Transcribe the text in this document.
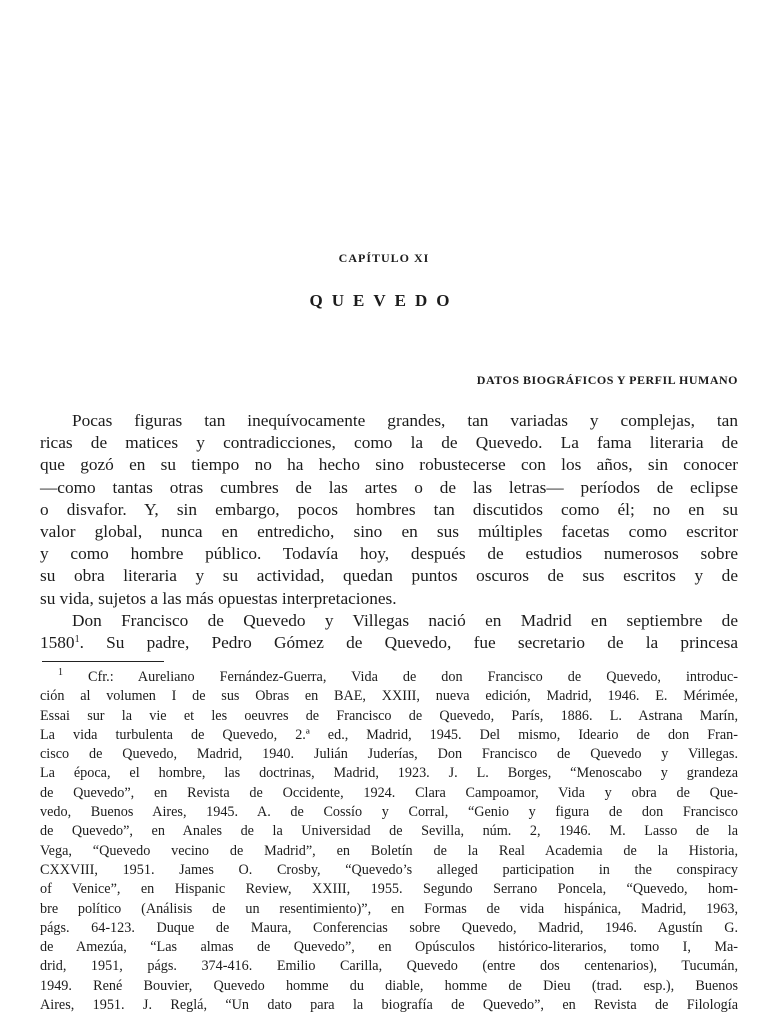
CAPÍTULO XI
QUEVEDO
DATOS BIOGRÁFICOS Y PERFIL HUMANO
Pocas figuras tan inequívocamente grandes, tan variadas y complejas, tan
ricas de matices y contradicciones, como la de Quevedo. La fama literaria de
que gozó en su tiempo no ha hecho sino robustecerse con los años, sin conocer
—como tantas otras cumbres de las artes o de las letras— períodos de eclipse
o disvafor. Y, sin embargo, pocos hombres tan discutidos como él; no en su
valor global, nunca en entredicho, sino en sus múltiples facetas como escritor
y como hombre público. Todavía hoy, después de estudios numerosos sobre
su obra literaria y su actividad, quedan puntos oscuros de sus escritos y de
su vida, sujetos a las más opuestas interpretaciones.
Don Francisco de Quevedo y Villegas nació en Madrid en septiembre de
1580$^1$. Su padre, Pedro Gómez de Quevedo, fue secretario de la princesa
$^1$ Cfr.: Aureliano Fernández-Guerra, Vida de don Francisco de Quevedo, introduc-
ción al volumen I de sus Obras en BAE, XXIII, nueva edición, Madrid, 1946. E. Mérimée,
Essai sur la vie et les oeuvres de Francisco de Quevedo, París, 1886. L. Astrana Marín,
La vida turbulenta de Quevedo, 2.ª ed., Madrid, 1945. Del mismo, Ideario de don Fran-
cisco de Quevedo, Madrid, 1940. Julián Juderías, Don Francisco de Quevedo y Villegas.
La época, el hombre, las doctrinas, Madrid, 1923. J. L. Borges, “Menoscabo y grandeza
de Quevedo”, en Revista de Occidente, 1924. Clara Campoamor, Vida y obra de Que-
vedo, Buenos Aires, 1945. A. de Cossío y Corral, “Genio y figura de don Francisco
de Quevedo”, en Anales de la Universidad de Sevilla, núm. 2, 1946. M. Lasso de la
Vega, “Quevedo vecino de Madrid”, en Boletín de la Real Academia de la Historia,
CXXVIII, 1951. James O. Crosby, “Quevedo’s alleged participation in the conspiracy
of Venice”, en Hispanic Review, XXIII, 1955. Segundo Serrano Poncela, “Quevedo, hom-
bre político (Análisis de un resentimiento)”, en Formas de vida hispánica, Madrid, 1963,
págs. 64-123. Duque de Maura, Conferencias sobre Quevedo, Madrid, 1946. Agustín G.
de Amezúa, “Las almas de Quevedo”, en Opúsculos histórico-literarios, tomo I, Ma-
drid, 1951, págs. 374-416. Emilio Carilla, Quevedo (entre dos centenarios), Tucumán,
1949. René Bouvier, Quevedo homme du diable, homme de Dieu (trad. esp.), Buenos
Aires, 1951. J. Reglá, “Un dato para la biografía de Quevedo”, en Revista de Filología
